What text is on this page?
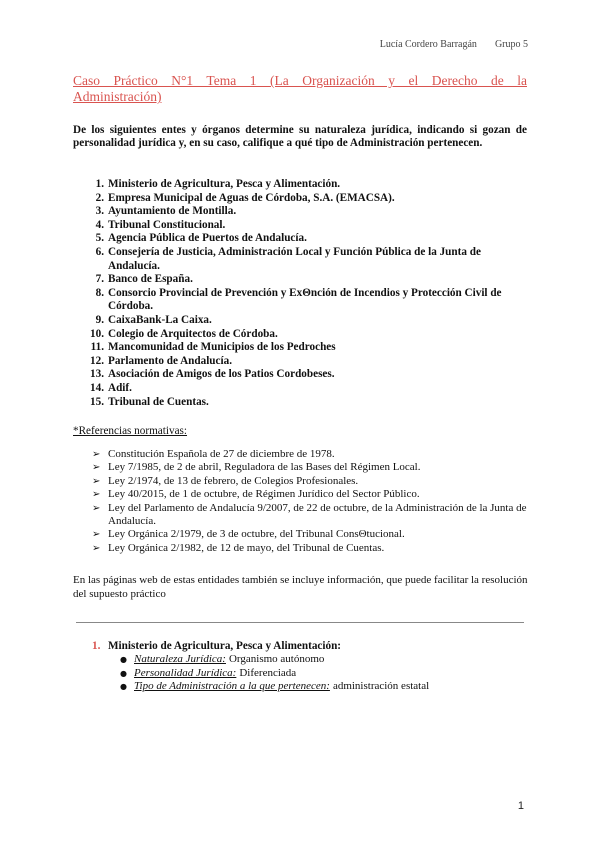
Lucía Cordero Barragán Grupo 5
Caso Práctico N°1 Tema 1 (La Organización y el Derecho de la Administración)
De los siguientes entes y órganos determine su naturaleza jurídica, indicando si gozan de personalidad jurídica y, en su caso, califique a qué tipo de Administración pertenecen.
1. Ministerio de Agricultura, Pesca y Alimentación.
2. Empresa Municipal de Aguas de Córdoba, S.A. (EMACSA).
3. Ayuntamiento de Montilla.
4. Tribunal Constitucional.
5. Agencia Pública de Puertos de Andalucía.
6. Consejería de Justicia, Administración Local y Función Pública de la Junta de Andalucía.
7. Banco de España.
8. Consorcio Provincial de Prevención y ExΘnción de Incendios y Protección Civil de Córdoba.
9. CaixaBank-La Caixa.
10. Colegio de Arquitectos de Córdoba.
11. Mancomunidad de Municipios de los Pedroches
12. Parlamento de Andalucía.
13. Asociación de Amigos de los Patios Cordobeses.
14. Adif.
15. Tribunal de Cuentas.
*Referencias normativas:
➢ Constitución Española de 27 de diciembre de 1978.
➢ Ley 7/1985, de 2 de abril, Reguladora de las Bases del Régimen Local.
➢ Ley 2/1974, de 13 de febrero, de Colegios Profesionales.
➢ Ley 40/2015, de 1 de octubre, de Régimen Jurídico del Sector Público.
➢ Ley del Parlamento de Andalucía 9/2007, de 22 de octubre, de la Administración de la Junta de Andalucía.
➢ Ley Orgánica 2/1979, de 3 de octubre, del Tribunal ConsΘtucional.
➢ Ley Orgánica 2/1982, de 12 de mayo, del Tribunal de Cuentas.
En las páginas web de estas entidades también se incluye información, que puede facilitar la resolución del supuesto práctico
1. Ministerio de Agricultura, Pesca y Alimentación:
● Naturaleza Jurídica: Organismo autónomo
● Personalidad Jurídica: Diferenciada
● Tipo de Administración a la que pertenecen: administración estatal
1
